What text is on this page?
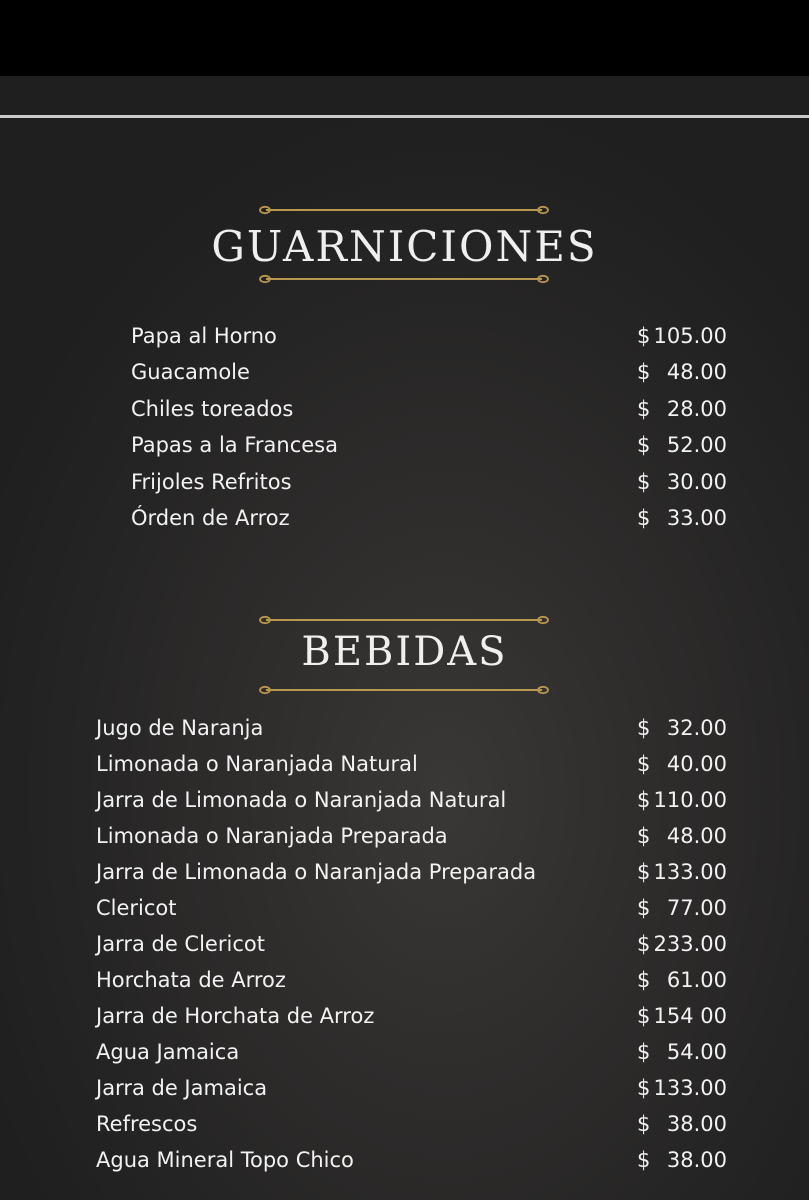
GUARNICIONES
Papa al Horno	$ 105.00
Guacamole	$ 48.00
Chiles toreados	$ 28.00
Papas a la Francesa	$ 52.00
Frijoles Refritos	$ 30.00
Órden de Arroz	$ 33.00
BEBIDAS
Jugo de Naranja	$ 32.00
Limonada o Naranjada Natural	$ 40.00
Jarra de Limonada o Naranjada Natural	$ 110.00
Limonada o Naranjada Preparada	$ 48.00
Jarra de Limonada o Naranjada Preparada	$ 133.00
Clericot	$ 77.00
Jarra de Clericot	$ 233.00
Horchata de Arroz	$ 61.00
Jarra de Horchata de Arroz	$ 154 00
Agua Jamaica	$ 54.00
Jarra de Jamaica	$ 133.00
Refrescos	$ 38.00
Agua Mineral Topo Chico	$ 38.00
